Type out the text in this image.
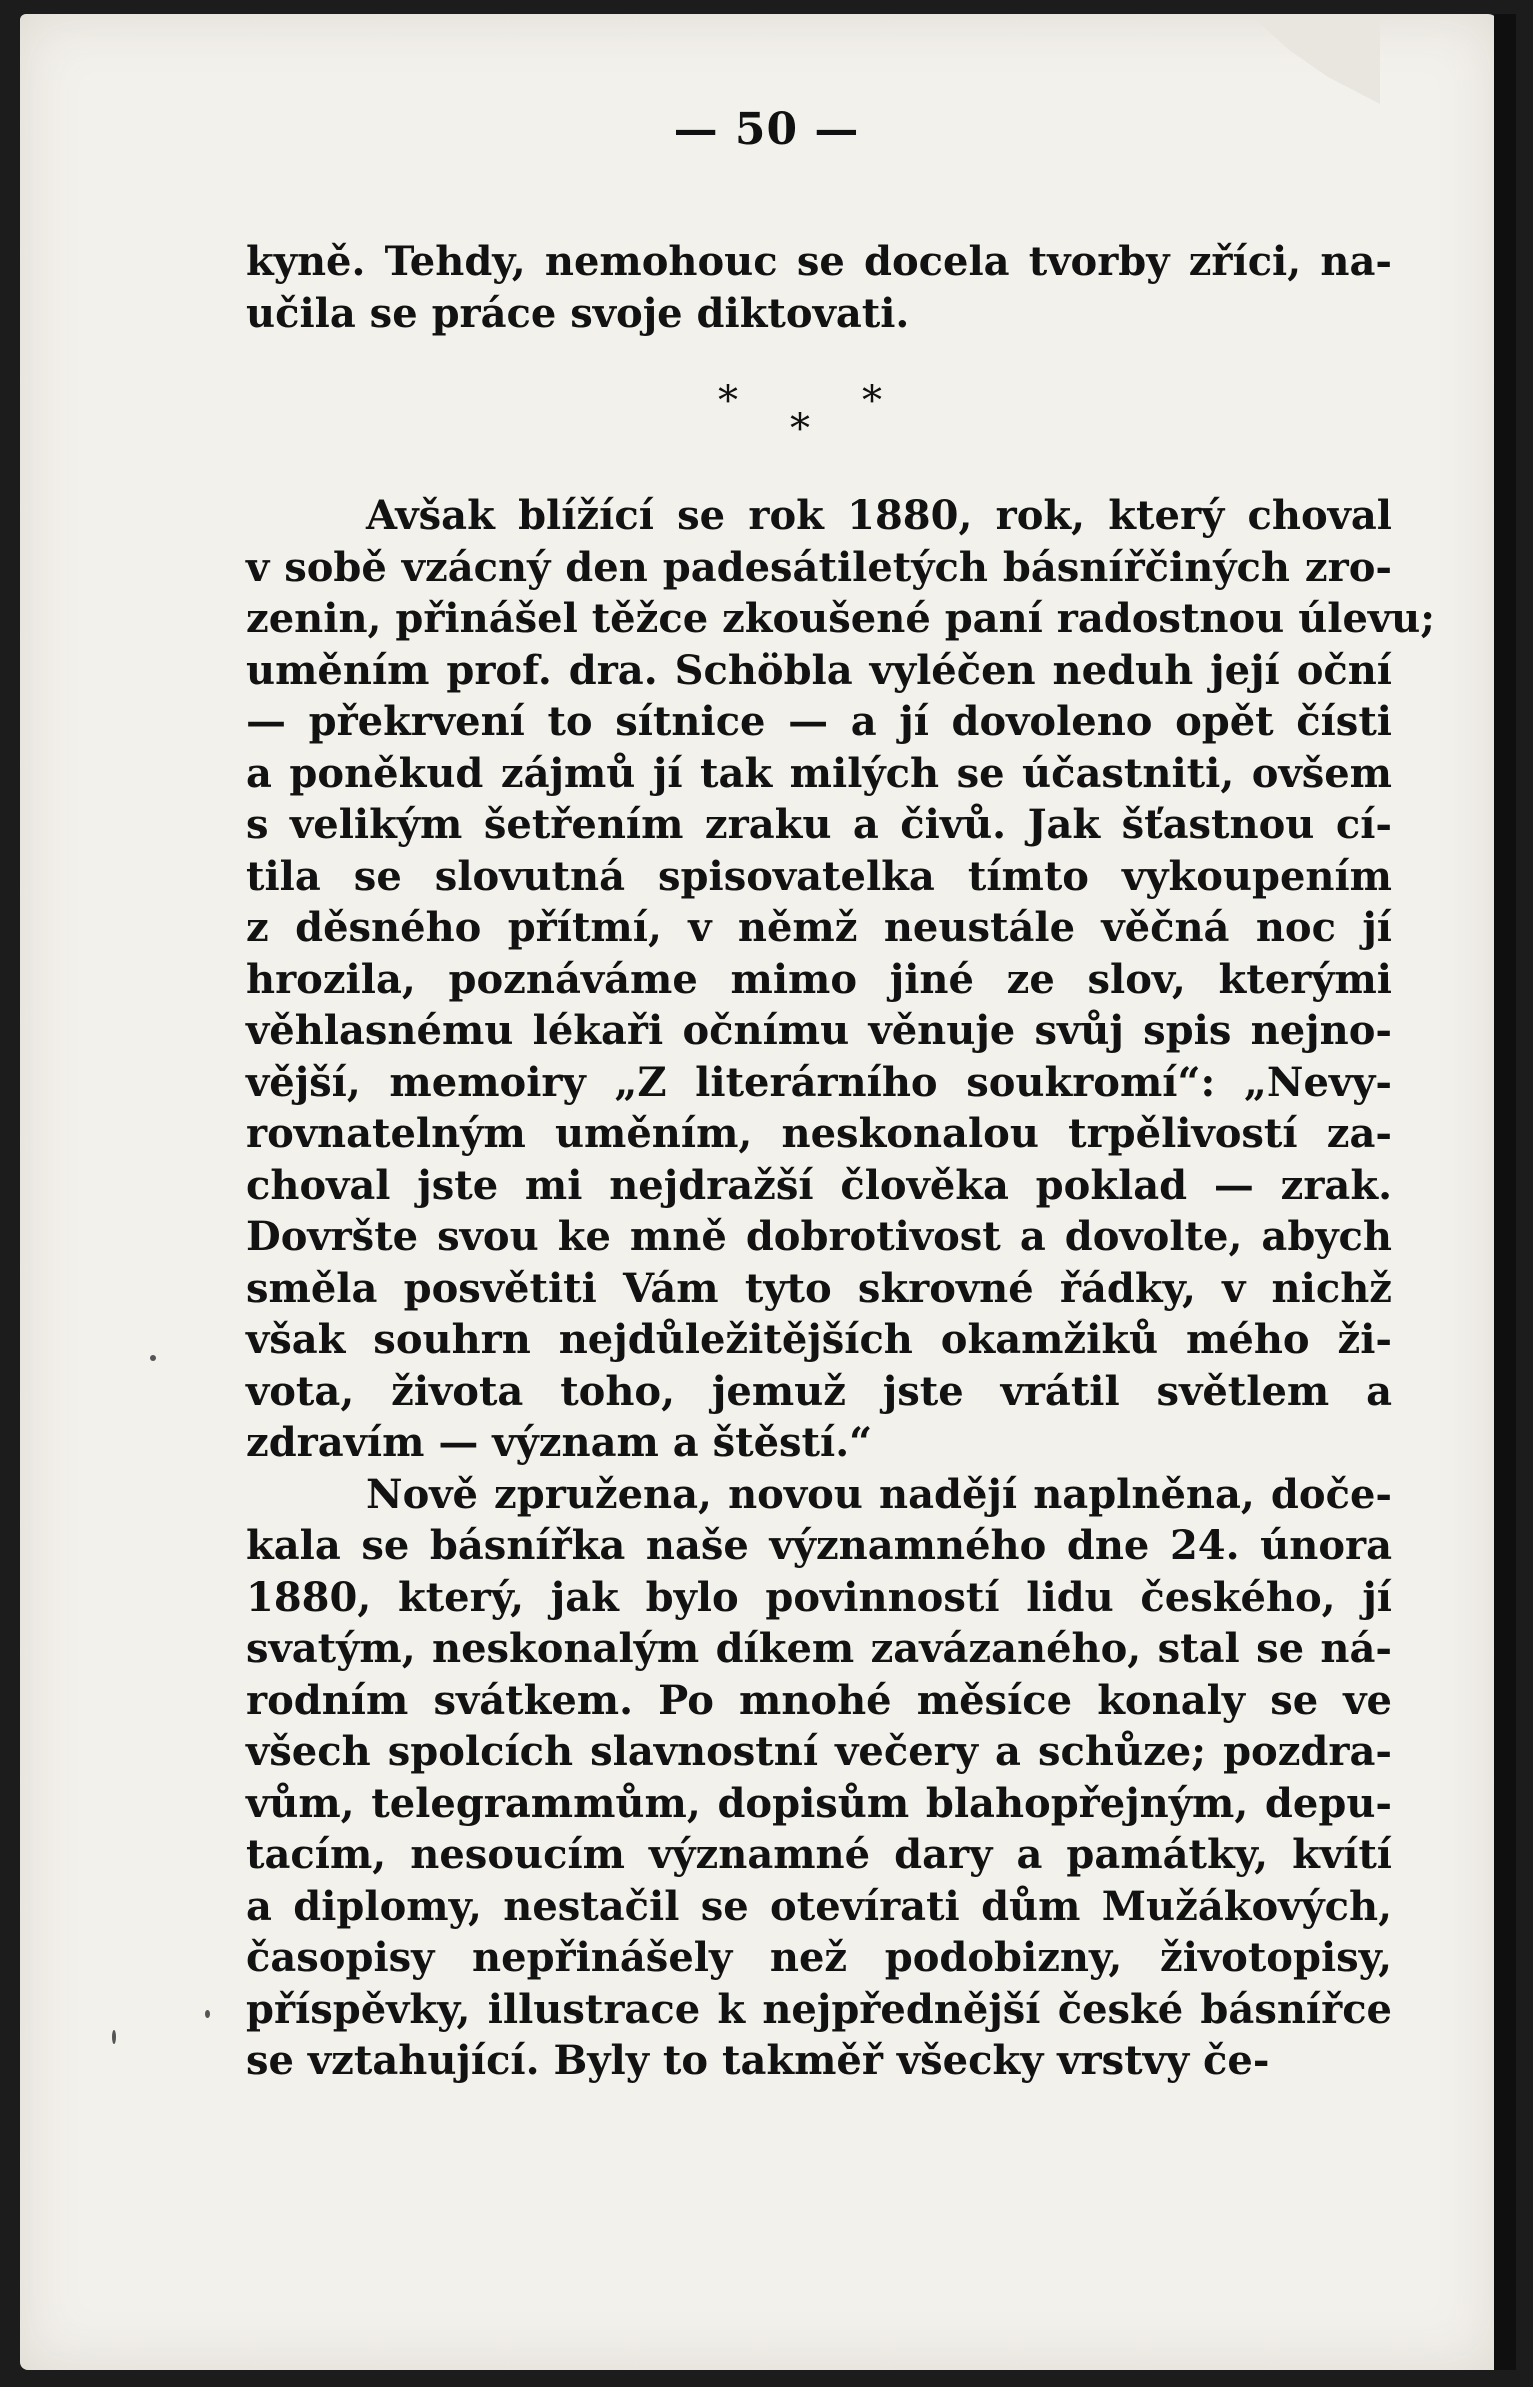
— 50 —
kyně. Tehdy, nemohouc se docela tvorby zříci, na-
učila se práce svoje diktovati.
*
*
*
Avšak blížící se rok 1880, rok, který choval
v sobě vzácný den padesátiletých básnířčiných zro-
zenin, přinášel těžce zkoušené paní radostnou úlevu;
uměním prof. dra. Schöbla vyléčen neduh její oční
— překrvení to sítnice — a jí dovoleno opět čísti
a poněkud zájmů jí tak milých se účastniti, ovšem
s velikým šetřením zraku a čivů. Jak šťastnou cí-
tila se slovutná spisovatelka tímto vykoupením
z děsného přítmí, v němž neustále věčná noc jí
hrozila, poznáváme mimo jiné ze slov, kterými
věhlasnému lékaři očnímu věnuje svůj spis nejno-
vější, memoiry „Z literárního soukromí“: „Nevy-
rovnatelným uměním, neskonalou trpělivostí za-
choval jste mi nejdražší člověka poklad — zrak.
Dovršte svou ke mně dobrotivost a dovolte, abych
směla posvětiti Vám tyto skrovné řádky, v nichž
však souhrn nejdůležitějších okamžiků mého ži-
vota, života toho, jemuž jste vrátil světlem a
zdravím — význam a štěstí.“
Nově zpružena, novou nadějí naplněna, doče-
kala se básnířka naše významného dne 24. února
1880, který, jak bylo povinností lidu českého, jí
svatým, neskonalým díkem zavázaného, stal se ná-
rodním svátkem. Po mnohé měsíce konaly se ve
všech spolcích slavnostní večery a schůze; pozdra-
vům, telegrammům, dopisům blahopřejným, depu-
tacím, nesoucím významné dary a památky, kvítí
a diplomy, nestačil se otevírati dům Mužákových,
časopisy nepřinášely než podobizny, životopisy,
příspěvky, illustrace k nejpřednější české básnířce
se vztahující. Byly to takměř všecky vrstvy če-
